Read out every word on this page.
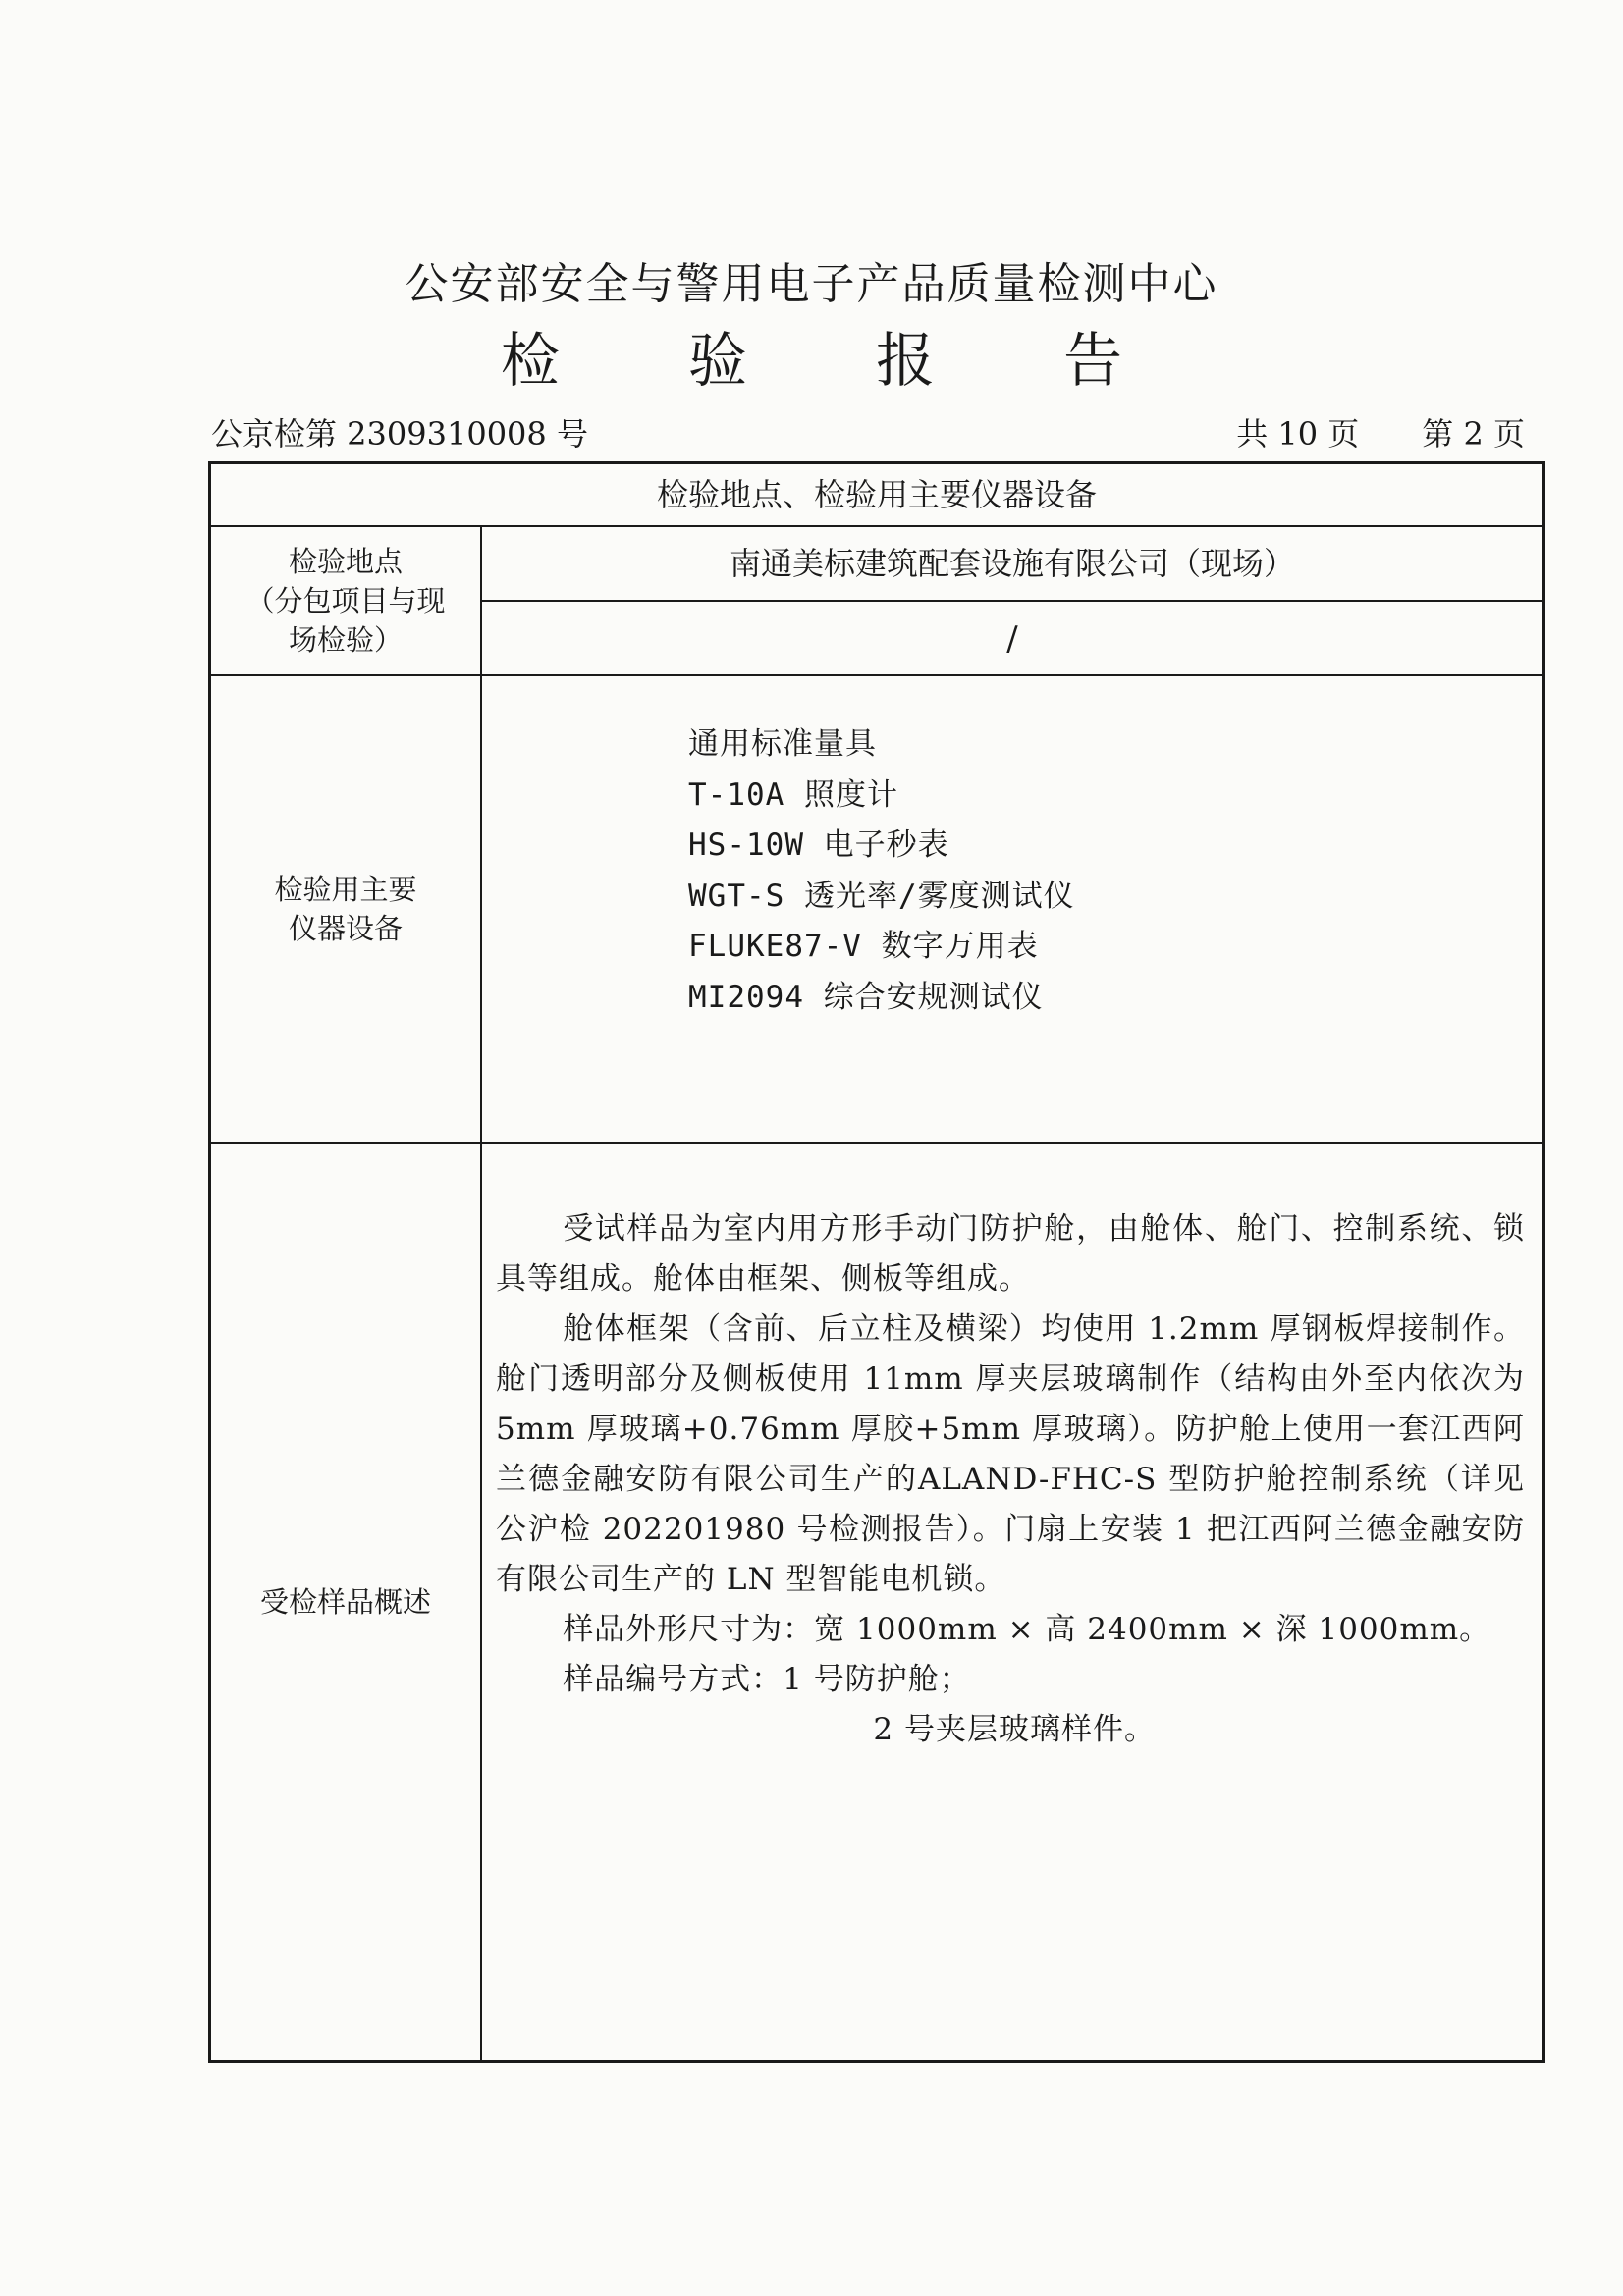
公安部安全与警用电子产品质量检测中心
检 验 报 告
公京检第 2309310008 号	共 10 页 第 2 页
检验地点、检验用主要仪器设备
检验地点
（分包项目与现
场检验）
南通美标建筑配套设施有限公司（现场）
/
检验用主要
仪器设备
通用标准量具
T-10A 照度计
HS-10W 电子秒表
WGT-S 透光率/雾度测试仪
FLUKE87-V 数字万用表
MI2094 综合安规测试仪
受检样品概述

受试样品为室内用方形手动门防护舱，由舱体、舱门、控制系统、锁具等组成。舱体由框架、侧板等组成。

舱体框架（含前、后立柱及横梁）均使用 1.2mm 厚钢板焊接制作。舱门透明部分及侧板使用 11mm 厚夹层玻璃制作（结构由外至内依次为 5mm 厚玻璃+0.76mm 厚胶+5mm 厚玻璃）。防护舱上使用一套江西阿兰德金融安防有限公司生产的ALAND-FHC-S 型防护舱控制系统（详见公沪检 202201980 号检测报告）。门扇上安装 1 把江西阿兰德金融安防有限公司生产的 LN 型智能电机锁。

样品外形尺寸为：宽 1000mm × 高 2400mm × 深 1000mm。

样品编号方式：1 号防护舱；

2 号夹层玻璃样件。
